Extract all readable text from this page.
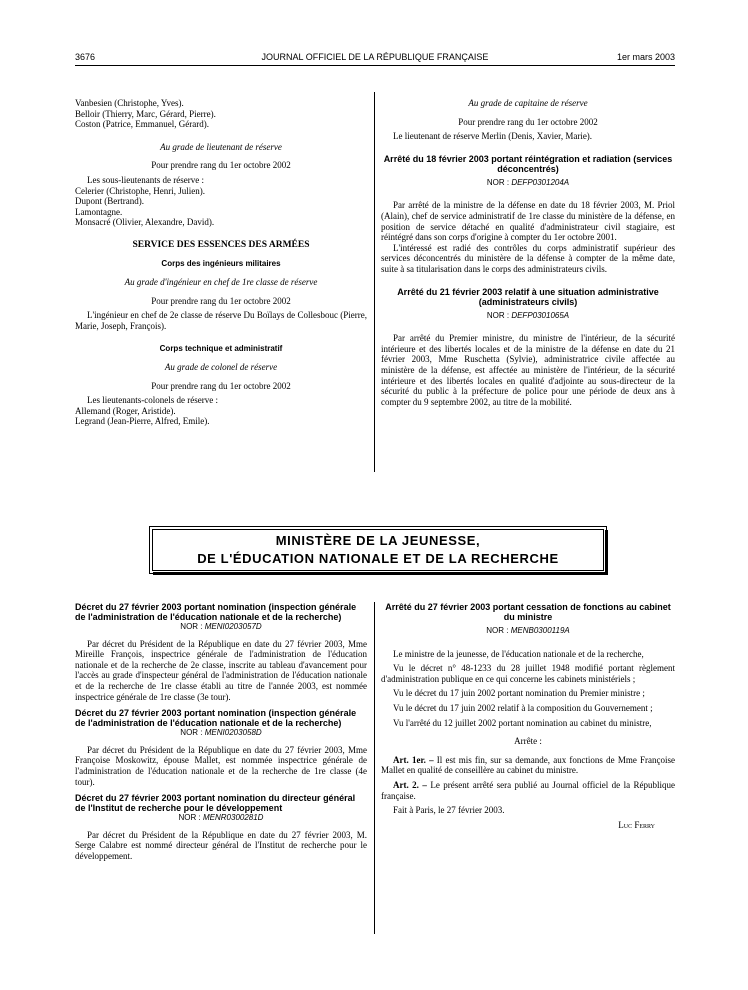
3676	JOURNAL OFFICIEL DE LA RÉPUBLIQUE FRANÇAISE	1er mars 2003

Vanbesien (Christophe, Yves).

Belloir (Thierry, Marc, Gérard, Pierre).

Coston (Patrice, Emmanuel, Gérard).

Au grade de lieutenant de réserve

Pour prendre rang du 1er octobre 2002

Les sous-lieutenants de réserve :

Celerier (Christophe, Henri, Julien).

Dupont (Bertrand).

Lamontagne.

Monsacré (Olivier, Alexandre, David).

SERVICE DES ESSENCES DES ARMÉES

Corps des ingénieurs militaires

Au grade d'ingénieur en chef de 1re classe de réserve

Pour prendre rang du 1er octobre 2002

L'ingénieur en chef de 2e classe de réserve Du Boïlays de Collesbouc (Pierre, Marie, Joseph, François).

Corps technique et administratif

Au grade de colonel de réserve

Pour prendre rang du 1er octobre 2002

Les lieutenants-colonels de réserve :

Allemand (Roger, Aristide).

Legrand (Jean-Pierre, Alfred, Emile).

Au grade de capitaine de réserve

Pour prendre rang du 1er octobre 2002

Le lieutenant de réserve Merlin (Denis, Xavier, Marie).

Arrêté du 18 février 2003 portant réintégration et radiation (services déconcentrés)

NOR : DEFP0301204A

Par arrêté de la ministre de la défense en date du 18 février 2003, M. Priol (Alain), chef de service administratif de 1re classe du ministère de la défense, en position de service détaché en qualité d'administrateur civil stagiaire, est réintégré dans son corps d'origine à compter du 1er octobre 2001.

L'intéressé est radié des contrôles du corps administratif supérieur des services déconcentrés du ministère de la défense à compter de la même date, suite à sa titularisation dans le corps des administrateurs civils.

Arrêté du 21 février 2003 relatif à une situation administrative (administrateurs civils)

NOR : DEFP0301065A

Par arrêté du Premier ministre, du ministre de l'intérieur, de la sécurité intérieure et des libertés locales et de la ministre de la défense en date du 21 février 2003, Mme Ruschetta (Sylvie), administratrice civile affectée au ministère de la défense, est affectée au ministère de l'intérieur, de la sécurité intérieure et des libertés locales en qualité d'adjointe au sous-directeur de la sécurité du public à la préfecture de police pour une période de deux ans à compter du 9 septembre 2002, au titre de la mobilité.

MINISTÈRE DE LA JEUNESSE,
DE L'ÉDUCATION NATIONALE ET DE LA RECHERCHE

Décret du 27 février 2003 portant nomination (inspection générale de l'administration de l'éducation nationale et de la recherche)

NOR : MENI0203057D

Par décret du Président de la République en date du 27 février 2003, Mme Mireille François, inspectrice générale de l'administration de l'éducation nationale et de la recherche de 2e classe, inscrite au tableau d'avancement pour l'accès au grade d'inspecteur général de l'administration de l'éducation nationale et de la recherche de 1re classe établi au titre de l'année 2003, est nommée inspectrice générale de 1re classe (3e tour).

Décret du 27 février 2003 portant nomination (inspection générale de l'administration de l'éducation nationale et de la recherche)

NOR : MENI0203058D

Par décret du Président de la République en date du 27 février 2003, Mme Françoise Moskowitz, épouse Mallet, est nommée inspectrice générale de l'administration de l'éducation nationale et de la recherche de 1re classe (4e tour).

Décret du 27 février 2003 portant nomination du directeur général de l'Institut de recherche pour le développement

NOR : MENR0300281D

Par décret du Président de la République en date du 27 février 2003, M. Serge Calabre est nommé directeur général de l'Institut de recherche pour le développement.

Arrêté du 27 février 2003 portant cessation de fonctions au cabinet du ministre

NOR : MENB0300119A

Le ministre de la jeunesse, de l'éducation nationale et de la recherche,

Vu le décret n° 48-1233 du 28 juillet 1948 modifié portant règlement d'administration publique en ce qui concerne les cabinets ministériels ;

Vu le décret du 17 juin 2002 portant nomination du Premier ministre ;

Vu le décret du 17 juin 2002 relatif à la composition du Gouvernement ;

Vu l'arrêté du 12 juillet 2002 portant nomination au cabinet du ministre,

Arrête :

Art. 1er. – Il est mis fin, sur sa demande, aux fonctions de Mme Françoise Mallet en qualité de conseillère au cabinet du ministre.

Art. 2. – Le présent arrêté sera publié au Journal officiel de la République française.

Fait à Paris, le 27 février 2003.

Luc Ferry
